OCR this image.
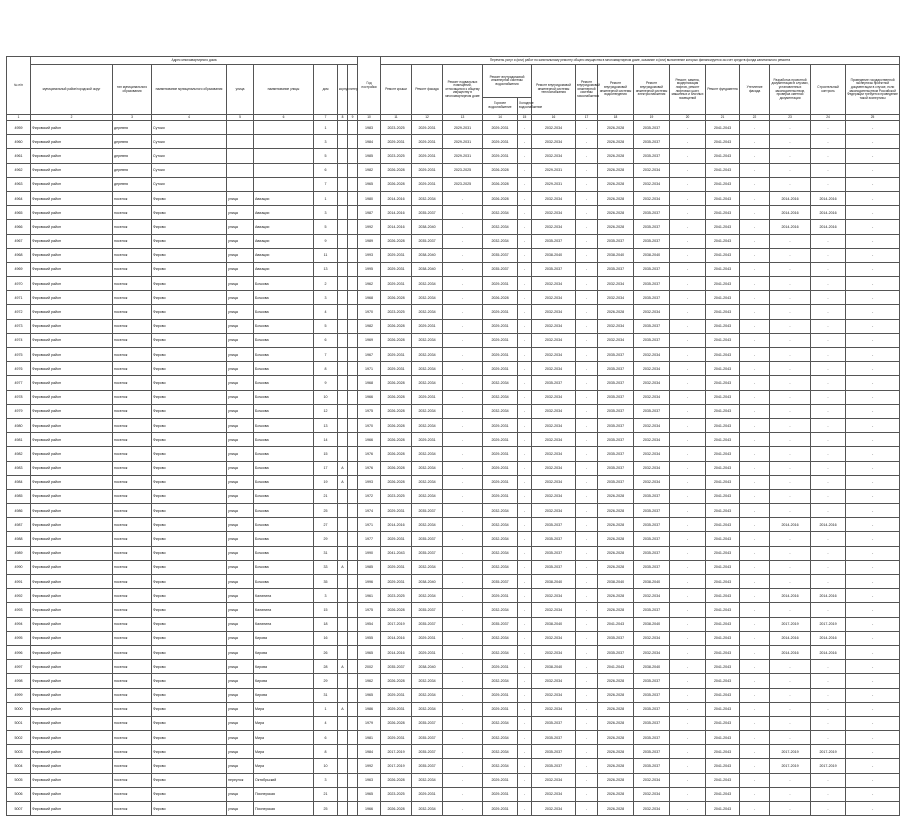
№ п/п	Адрес многоквартирного дома								Год постройки	Перечень услуг и (или) работ по капитальному ремонту общего имущества в многоквартирном доме, оказание и (или) выполнение которых финансируется за счет средств фонда капитального ремонта														
	муниципальный район/городской округ	тип муниципального образования	наименование муниципального образования	улица	наименование улицы	дом	корпус	литер		Ремонт крыши	Ремонт фасада	Ремонт подвальных помещений, относящихся к общему имуществу в многоквартирном доме	Ремонт внутридомовой инженерной системы водоснабжения		Ремонт внутридомовой инженерной системы теплоснабжения	Ремонт внутридомовой инженерной системы газоснабжения	Ремонт внутридомовой инженерной системы водоотведения	Ремонт внутридомовой инженерной системы электроснабжения	Ремонт, замена, модернизация лифтов, ремонт лифтовых шахт, машинных и блочных помещений	Ремонт фундамента	Утепление фасада	Разработка проектной документации в случаях, установленных законодательством, проверка сметной документации	Строительный контроль	Проведение государственной экспертизы проектной документации в случае, если законодательством Российской Федерации требуется проведение такой экспертизы
													Горячее водоснабжение	Холодное водоснабжение										
1	2	3	4	5	6	7	8	9	10	11	12	13	14	15	16	17	18	19	20	21	22	23	24	25
4959	Фировский район	деревня	Сутоки			1			1983	2023-2025	2029-2031	2029-2031	2029-2031	-	2032-2034	-	2026-2028	2035-2037	-	2041-2043	-	-	-	-
4960	Фировский район	деревня	Сутоки			3			1984	2029-2031	2029-2031	2029-2031	2029-2031	-	2032-2034	-	2026-2028	2035-2037	-	2041-2043	-	-	-	-
4961	Фировский район	деревня	Сутоки			5			1985	2023-2025	2029-2031	2029-2031	2029-2031	-	2032-2034	-	2026-2028	2035-2037	-	2041-2043	-	-	-	-
4962	Фировский район	деревня	Сутоки			6			1982	2026-2028	2029-2031	2023-2025	2026-2028	-	2029-2031	-	2026-2028	2032-2034	-	2041-2043	-	-	-	-
4963	Фировский район	деревня	Сутоки			7			1965	2026-2028	2029-2031	2023-2025	2026-2028	-	2029-2031	-	2026-2028	2032-2034	-	2041-2043	-	-	-	-
4964	Фировский район	поселок	Фирово	улица	Авиации	1			1980	2014-2016	2032-2034	-	2026-2028	-	2032-2034	-	2026-2028	2032-2034	-	2041-2043	-	2014-2016	2014-2016	-
4965	Фировский район	поселок	Фирово	улица	Авиации	3			1987	2014-2016	2035-2037	-	2032-2034	-	2032-2034	-	2026-2028	2035-2037	-	2041-2043	-	2014-2016	2014-2016	-
4966	Фировский район	поселок	Фирово	улица	Авиации	5			1992	2014-2016	2038-2040	-	2032-2034	-	2032-2034	-	2026-2028	2035-2037	-	2041-2043	-	2014-2016	2014-2016	-
4967	Фировский район	поселок	Фирово	улица	Авиации	9			1989	2026-2028	2035-2037	-	2032-2034	-	2035-2037	-	2035-2037	2035-2037	-	2041-2043	-	-	-	-
4968	Фировский район	поселок	Фирово	улица	Авиации	11			1993	2029-2031	2038-2040	-	2035-2037	-	2038-2040	-	2038-2040	2038-2040	-	2041-2043	-	-	-	-
4969	Фировский район	поселок	Фирово	улица	Авиации	13			1995	2029-2031	2038-2040	-	2035-2037	-	2035-2037	-	2035-2037	2035-2037	-	2041-2043	-	-	-	-
4970	Фировский район	поселок	Фирово	улица	Бочкова	2			1962	2029-2031	2032-2034	-	2029-2031	-	2032-2034	-	2032-2034	2035-2037	-	2041-2043	-	-	-	-
4971	Фировский район	поселок	Фирово	улица	Бочкова	3			1968	2026-2028	2032-2034	-	2026-2028	-	2032-2034	-	2032-2034	2035-2037	-	2041-2043	-	-	-	-
4972	Фировский район	поселок	Фирово	улица	Бочкова	4			1970	2023-2025	2032-2034	-	2029-2031	-	2032-2034	-	2026-2028	2032-2034	-	2041-2043	-	-	-	-
4973	Фировский район	поселок	Фирово	улица	Бочкова	5			1982	2026-2028	2029-2031	-	2029-2031	-	2032-2034	-	2032-2034	2035-2037	-	2041-2043	-	-	-	-
4974	Фировский район	поселок	Фирово	улица	Бочкова	6			1969	2026-2028	2032-2034	-	2029-2031	-	2032-2034	-	2032-2034	2035-2037	-	2041-2043	-	-	-	-
4975	Фировский район	поселок	Фирово	улица	Бочкова	7			1967	2029-2031	2032-2034	-	2029-2031	-	2032-2034	-	2035-2037	2032-2034	-	2041-2043	-	-	-	-
4976	Фировский район	поселок	Фирово	улица	Бочкова	8			1971	2029-2031	2032-2034	-	2029-2031	-	2032-2034	-	2035-2037	2032-2034	-	2041-2043	-	-	-	-
4977	Фировский район	поселок	Фирово	улица	Бочкова	9			1968	2026-2028	2032-2034	-	2032-2034	-	2035-2037	-	2035-2037	2032-2034	-	2041-2043	-	-	-	-
4978	Фировский район	поселок	Фирово	улица	Бочкова	10			1966	2026-2028	2029-2031	-	2032-2034	-	2032-2034	-	2035-2037	2032-2034	-	2041-2043	-	-	-	-
4979	Фировский район	поселок	Фирово	улица	Бочкова	12			1975	2026-2028	2032-2034	-	2032-2034	-	2032-2034	-	2035-2037	2035-2037	-	2041-2043	-	-	-	-
4980	Фировский район	поселок	Фирово	улица	Бочкова	13			1970	2026-2028	2032-2034	-	2029-2031	-	2032-2034	-	2035-2037	2032-2034	-	2041-2043	-	-	-	-
4981	Фировский район	поселок	Фирово	улица	Бочкова	14			1966	2026-2028	2029-2031	-	2029-2031	-	2032-2034	-	2035-2037	2032-2034	-	2041-2043	-	-	-	-
4982	Фировский район	поселок	Фирово	улица	Бочкова	15			1976	2026-2028	2032-2034	-	2029-2031	-	2032-2034	-	2035-2037	2032-2034	-	2041-2043	-	-	-	-
4983	Фировский район	поселок	Фирово	улица	Бочкова	17	А		1976	2026-2028	2032-2034	-	2029-2031	-	2032-2034	-	2035-2037	2032-2034	-	2041-2043	-	-	-	-
4984	Фировский район	поселок	Фирово	улица	Бочкова	19	А		1993	2026-2028	2032-2034	-	2029-2031	-	2032-2034	-	2035-2037	2032-2034	-	2041-2043	-	-	-	-
4985	Фировский район	поселок	Фирово	улица	Бочкова	21			1972	2023-2025	2032-2034	-	2029-2031	-	2032-2034	-	2026-2028	2035-2037	-	2041-2043	-	-	-	-
4986	Фировский район	поселок	Фирово	улица	Бочкова	25			1974	2029-2031	2035-2037	-	2032-2034	-	2032-2034	-	2026-2028	2035-2037	-	2041-2043	-	-	-	-
4987	Фировский район	поселок	Фирово	улица	Бочкова	27			1971	2014-2016	2032-2034	-	2032-2034	-	2035-2037	-	2026-2028	2035-2037	-	2041-2043	-	2014-2016	2014-2016	-
4988	Фировский район	поселок	Фирово	улица	Бочкова	29			1977	2029-2031	2035-2037	-	2032-2034	-	2035-2037	-	2026-2028	2035-2037	-	2041-2043	-	-	-	-
4989	Фировский район	поселок	Фирово	улица	Бочкова	31			1990	2041-2043	2035-2037	-	2032-2034	-	2035-2037	-	2026-2028	2035-2037	-	2041-2043	-	-	-	-
4990	Фировский район	поселок	Фирово	улица	Бочкова	33	А		1985	2029-2031	2032-2034	-	2032-2034	-	2035-2037	-	2026-2028	2035-2037	-	2041-2043	-	-	-	-
4991	Фировский район	поселок	Фирово	улица	Бочкова	35			1996	2029-2031	2038-2040	-	2035-2037	-	2038-2040	-	2038-2040	2038-2040	-	2041-2043	-	-	-	-
4992	Фировский район	поселок	Фирово	улица	Калинина	3			1961	2023-2025	2032-2034	-	2029-2031	-	2032-2034	-	2026-2028	2032-2034	-	2041-2043	-	2014-2016	2014-2016	-
4993	Фировский район	поселок	Фирово	улица	Калинина	15			1975	2026-2028	2035-2037	-	2032-2034	-	2032-2034	-	2026-2028	2035-2037	-	2041-2043	-	-	-	-
4994	Фировский район	поселок	Фирово	улица	Калинина	18			1954	2017-2019	2035-2037	-	2035-2037	-	2038-2040	-	2041-2043	2038-2040	-	2041-2043	-	2017-2019	2017-2019	-
4995	Фировский район	поселок	Фирово	улица	Кирова	16			1955	2014-2016	2029-2031	-	2032-2034	-	2032-2034	-	2035-2037	2032-2034	-	2041-2043	-	2014-2016	2014-2016	-
4996	Фировский район	поселок	Фирово	улица	Кирова	26			1965	2014-2016	2029-2031	-	2032-2034	-	2032-2034	-	2035-2037	2032-2034	-	2041-2043	-	2014-2016	2014-2016	-
4997	Фировский район	поселок	Фирово	улица	Кирова	28	А		2002	2035-2037	2038-2040	-	2029-2031	-	2038-2040	-	2041-2043	2038-2040	-	2041-2043	-	-	-	-
4998	Фировский район	поселок	Фирово	улица	Кирова	29			1962	2026-2028	2032-2034	-	2032-2034	-	2032-2034	-	2026-2028	2035-2037	-	2041-2043	-	-	-	-
4999	Фировский район	поселок	Фирово	улица	Кирова	31			1965	2029-2031	2032-2034	-	2029-2031	-	2032-2034	-	2026-2028	2035-2037	-	2041-2043	-	-	-	-
5000	Фировский район	поселок	Фирово	улица	Мира	1	А		1986	2029-2031	2032-2034	-	2029-2031	-	2032-2034	-	2026-2028	2035-2037	-	2041-2043	-	-	-	-
5001	Фировский район	поселок	Фирово	улица	Мира	4			1979	2026-2028	2035-2037	-	2032-2034	-	2035-2037	-	2026-2028	2035-2037	-	2041-2043	-	-	-	-
5002	Фировский район	поселок	Фирово	улица	Мира	6			1981	2029-2031	2035-2037	-	2032-2034	-	2035-2037	-	2026-2028	2035-2037	-	2041-2043	-	-	-	-
5003	Фировский район	поселок	Фирово	улица	Мира	8			1984	2017-2019	2035-2037	-	2032-2034	-	2035-2037	-	2026-2028	2035-2037	-	2041-2043	-	2017-2019	2017-2019	-
5004	Фировский район	поселок	Фирово	улица	Мира	10			1992	2017-2019	2035-2037	-	2032-2034	-	2035-2037	-	2026-2028	2035-2037	-	2041-2043	-	2017-2019	2017-2019	-
5005	Фировский район	поселок	Фирово	переулок	Октябрьский	3			1963	2026-2028	2032-2034	-	2029-2031	-	2032-2034	-	2026-2028	2032-2034	-	2041-2043	-	-	-	-
5006	Фировский район	поселок	Фирово	улица	Пионерская	21			1965	2023-2025	2029-2031	-	2029-2031	-	2032-2034	-	2026-2028	2032-2034	-	2041-2043	-	-	-	-
5007	Фировский район	поселок	Фирово	улица	Пионерская	25			1966	2026-2028	2032-2034	-	2029-2031	-	2032-2034	-	2026-2028	2032-2034	-	2041-2043	-	-	-	-
